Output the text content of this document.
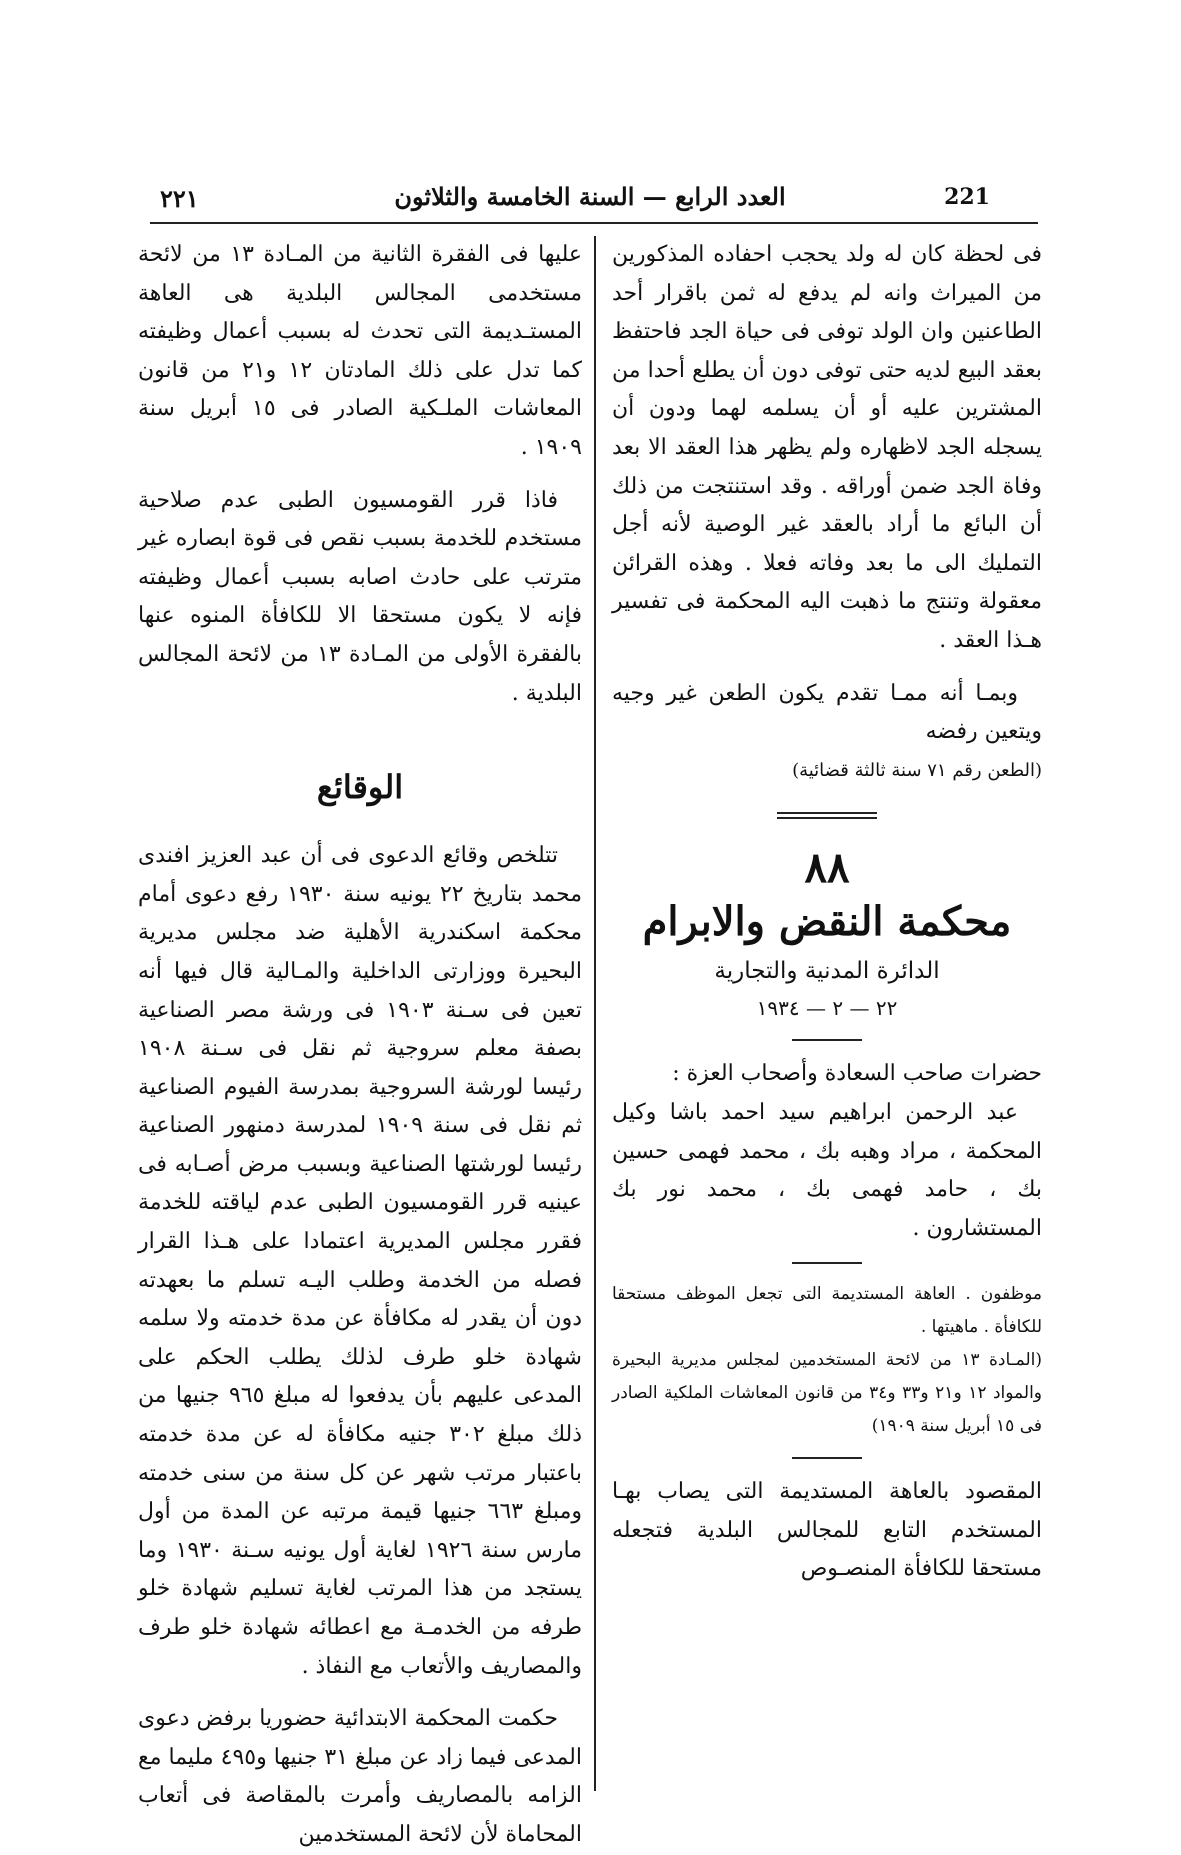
٢٢١	العدد الرابع — السنة الخامسة والثلاثون	221

فى لحظة كان له ولد يحجب احفاده المذكورين من الميراث وانه لم يدفع له ثمن باقرار أحد الطاعنين وان الولد توفى فى حياة الجد فاحتفظ بعقد البيع لديه حتى توفى دون أن يطلع أحدا من المشترين عليه أو أن يسلمه لهما ودون أن يسجله الجد لاظهاره ولم يظهر هذا العقد الا بعد وفاة الجد ضمن أوراقه . وقد استنتجت من ذلك أن البائع ما أراد بالعقد غير الوصية لأنه أجل التمليك الى ما بعد وفاته فعلا . وهذه القرائن معقولة وتنتج ما ذهبت اليه المحكمة فى تفسير هـذا العقد .

وبمـا أنه ممـا تقدم يكون الطعن غير وجيه ويتعين رفضه

(الطعن رقم ٧١ سنة ثالثة قضائية)

٨٨
محكمة النقض والابرام
الدائرة المدنية والتجارية
٢٢ — ٢ — ١٩٣٤

حضرات صاحب السعادة وأصحاب العزة :

عبد الرحمن ابراهيم سيد احمد باشا وكيل المحكمة ، مراد وهبه بك ، محمد فهمى حسين بك ، حامد فهمى بك ، محمد نور بك المستشارون .

موظفون . العاهة المستديمة التى تجعل الموظف مستحقا للكافأة . ماهيتها .

(المـادة ١٣ من لائحة المستخدمين لمجلس مديرية البحيرة والمواد ١٢ و٢١ و٣٣ و٣٤ من قانون المعاشات الملكية الصادر فى ١٥ أبريل سنة ١٩٠٩)

المقصود بالعاهة المستديمة التى يصاب بهـا المستخدم التابع للمجالس البلدية فتجعله مستحقا للكافأة المنصـوص

عليها فى الفقرة الثانية من المـادة ١٣ من لائحة مستخدمى المجالس البلدية هى العاهة المستـديمة التى تحدث له بسبب أعمال وظيفته كما تدل على ذلك المادتان ١٢ و٢١ من قانون المعاشات الملـكية الصادر فى ١٥ أبريل سنة ١٩٠٩ .

فاذا قرر القومسيون الطبى عدم صلاحية مستخدم للخدمة بسبب نقص فى قوة ابصاره غير مترتب على حادث اصابه بسبب أعمال وظيفته فإنه لا يكون مستحقا الا للكافأة المنوه عنها بالفقرة الأولى من المـادة ١٣ من لائحة المجالس البلدية .

الوقائع

تتلخص وقائع الدعوى فى أن عبد العزيز افندى محمد بتاريخ ٢٢ يونيه سنة ١٩٣٠ رفع دعوى أمام محكمة اسكندرية الأهلية ضد مجلس مديرية البحيرة ووزارتى الداخلية والمـالية قال فيها أنه تعين فى سـنة ١٩٠٣ فى ورشة مصر الصناعية بصفة معلم سروجية ثم نقل فى سـنة ١٩٠٨ رئيسا لورشة السروجية بمدرسة الفيوم الصناعية ثم نقل فى سنة ١٩٠٩ لمدرسة دمنهور الصناعية رئيسا لورشتها الصناعية وبسبب مرض أصـابه فى عينيه قرر القومسيون الطبى عدم لياقته للخدمة فقرر مجلس المديرية اعتمادا على هـذا القرار فصله من الخدمة وطلب اليـه تسلم ما بعهدته دون أن يقدر له مكافأة عن مدة خدمته ولا سلمه شهادة خلو طرف لذلك يطلب الحكم على المدعى عليهم بأن يدفعوا له مبلغ ٩٦٥ جنيها من ذلك مبلغ ٣٠٢ جنيه مكافأة له عن مدة خدمته باعتبار مرتب شهر عن كل سنة من سنى خدمته ومبلغ ٦٦٣ جنيها قيمة مرتبه عن المدة من أول مارس سنة ١٩٢٦ لغاية أول يونيه سـنة ١٩٣٠ وما يستجد من هذا المرتب لغاية تسليم شهادة خلو طرفه من الخدمـة مع اعطائه شهادة خلو طرف والمصاريف والأتعاب مع النفاذ .

حكمت المحكمة الابتدائية حضوريا برفض دعوى المدعى فيما زاد عن مبلغ ٣١ جنيها و٤٩٥ مليما مع الزامه بالمصاريف وأمرت بالمقاصة فى أتعاب المحاماة لأن لائحة المستخدمين
